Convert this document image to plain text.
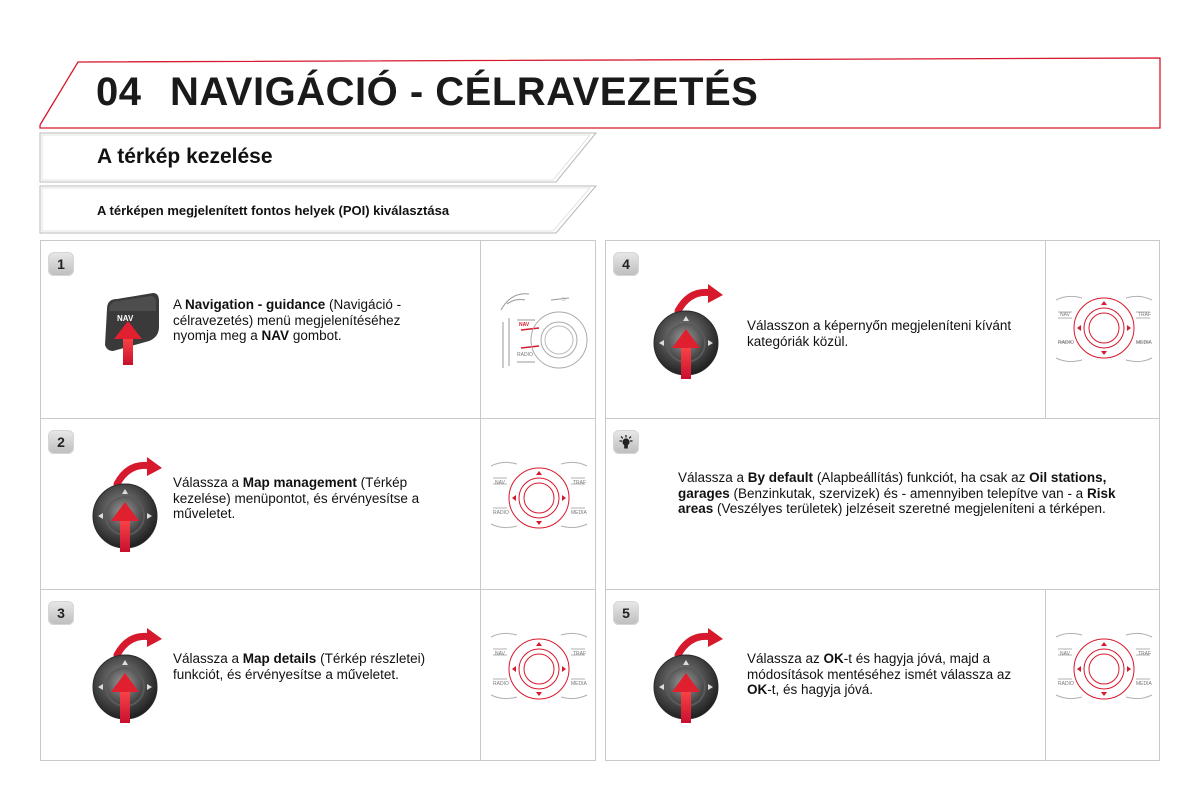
04 NAVIGÁCIÓ - CÉLRAVEZETÉS
A térkép kezelése
A térképen megjelenített fontos helyek (POI) kiválasztása
1
NAV
A Navigation - guidance (Navigáció - célravezetés) menü megjelenítéséhez nyomja meg a NAV gombot.
NAV
RADIO
⊃
2
Válassza a Map management (Térkép kezelése) menüpontot, és érvényesítse a műveletet.
NAV	TRAF
RADIO	MEDIA
3
Válassza a Map details (Térkép részletei) funkciót, és érvényesítse a műveletet.
NAV	TRAF
RADIO	MEDIA
4
Válasszon a képernyőn megjeleníteni kívánt kategóriák közül.
NAV	TRAF
RADIO	MEDIA
Válassza a By default (Alapbeállítás) funkciót, ha csak az Oil stations, garages (Benzinkutak, szervizek) és - amennyiben telepítve van - a Risk areas (Veszélyes területek) jelzéseit szeretné megjeleníteni a térképen.
5
Válassza az OK-t és hagyja jóvá, majd a módosítások mentéséhez ismét válassza az OK-t, és hagyja jóvá.
NAV	TRAF
RADIO	MEDIA
